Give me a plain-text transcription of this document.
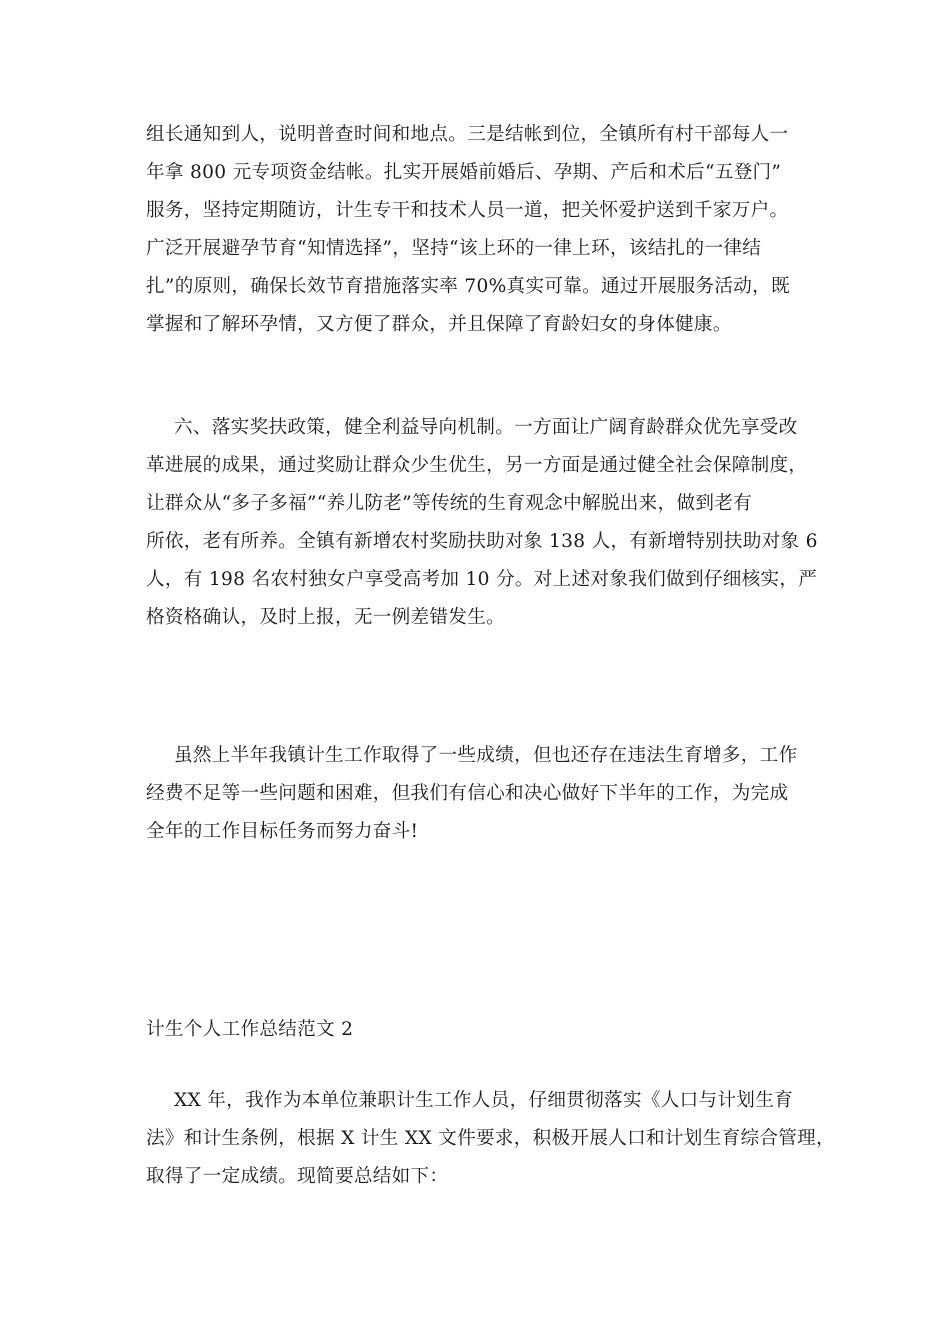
组长通知到人，说明普查时间和地点。三是结帐到位，全镇所有村干部每人一
年拿 800 元专项资金结帐。扎实开展婚前婚后、孕期、产后和术后“五登门”
服务，坚持定期随访，计生专干和技术人员一道，把关怀爱护送到千家万户。
广泛开展避孕节育“知情选择”，坚持“该上环的一律上环，该结扎的一律结
扎”的原则，确保长效节育措施落实率 70%真实可靠。通过开展服务活动，既
掌握和了解环孕情，又方便了群众，并且保障了育龄妇女的身体健康。
六、落实奖扶政策，健全利益导向机制。一方面让广阔育龄群众优先享受改
革进展的成果，通过奖励让群众少生优生，另一方面是通过健全社会保障制度，
让群众从“多子多福”“养儿防老”等传统的生育观念中解脱出来，做到老有
所依，老有所养。全镇有新增农村奖励扶助对象 138 人，有新增特别扶助对象 6
人，有 198 名农村独女户享受高考加 10 分。对上述对象我们做到仔细核实，严
格资格确认，及时上报，无一例差错发生。
虽然上半年我镇计生工作取得了一些成绩，但也还存在违法生育增多，工作
经费不足等一些问题和困难，但我们有信心和决心做好下半年的工作，为完成
全年的工作目标任务而努力奋斗!
计生个人工作总结范文 2
XX 年，我作为本单位兼职计生工作人员，仔细贯彻落实《人口与计划生育
法》和计生条例，根据 X 计生 XX 文件要求，积极开展人口和计划生育综合管理，
取得了一定成绩。现简要总结如下：
